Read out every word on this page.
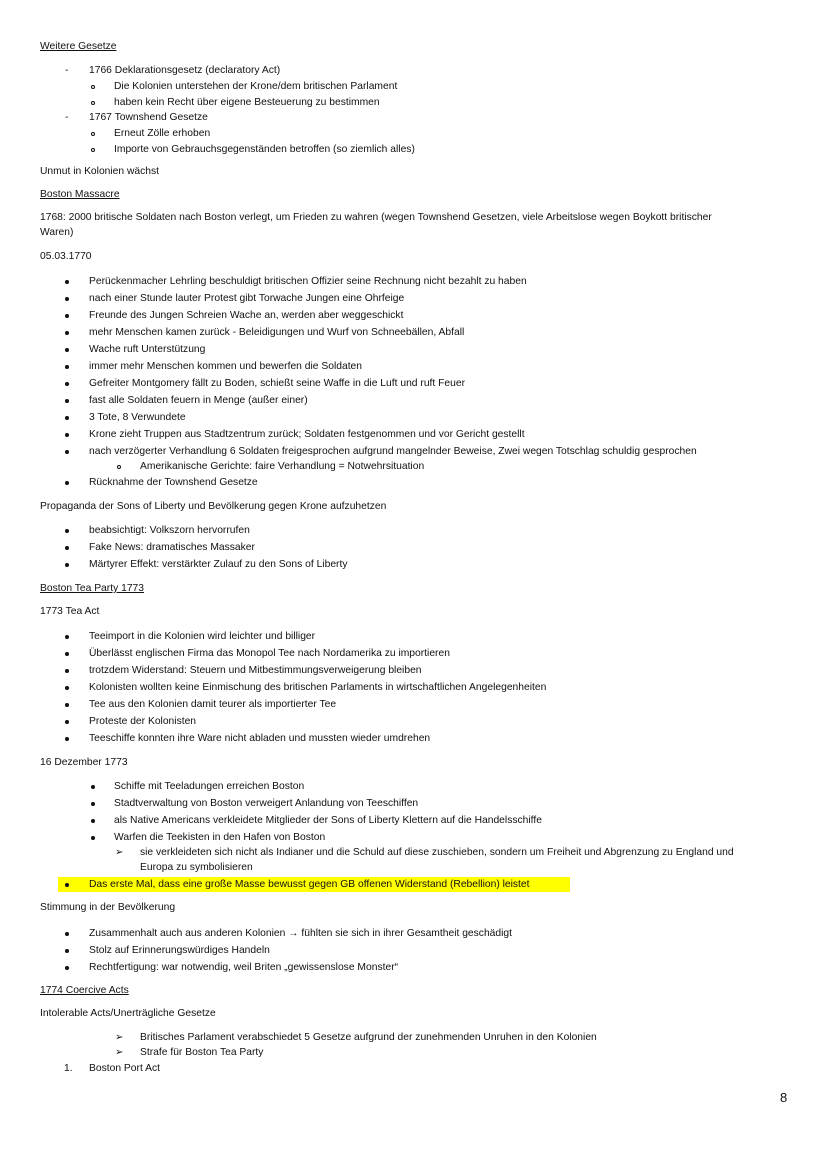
Weitere Gesetze
- 1766 Deklarationsgesetz (declaratory Act)
Die Kolonien unterstehen der Krone/dem britischen Parlament
haben kein Recht über eigene Besteuerung zu bestimmen
- 1767 Townshend Gesetze
Erneut Zölle erhoben
Importe von Gebrauchsgegenständen betroffen (so ziemlich alles)
Unmut in Kolonien wächst
Boston Massacre
1768: 2000 britische Soldaten nach Boston verlegt, um Frieden zu wahren (wegen Townshend Gesetzen, viele Arbeitslose wegen Boykott britischer
Waren)
05.03.1770
Perückenmacher Lehrling beschuldigt britischen Offizier seine Rechnung nicht bezahlt zu haben
nach einer Stunde lauter Protest gibt Torwache Jungen eine Ohrfeige
Freunde des Jungen Schreien Wache an, werden aber weggeschickt
mehr Menschen kamen zurück - Beleidigungen und Wurf von Schneebällen, Abfall
Wache ruft Unterstützung
immer mehr Menschen kommen und bewerfen die Soldaten
Gefreiter Montgomery fällt zu Boden, schießt seine Waffe in die Luft und ruft Feuer
fast alle Soldaten feuern in Menge (außer einer)
3 Tote, 8 Verwundete
Krone zieht Truppen aus Stadtzentrum zurück; Soldaten festgenommen und vor Gericht gestellt
nach verzögerter Verhandlung 6 Soldaten freigesprochen aufgrund mangelnder Beweise, Zwei wegen Totschlag schuldig gesprochen
Amerikanische Gerichte: faire Verhandlung = Notwehrsituation
Rücknahme der Townshend Gesetze
Propaganda der Sons of Liberty und Bevölkerung gegen Krone aufzuhetzen
beabsichtigt: Volkszorn hervorrufen
Fake News: dramatisches Massaker
Märtyrer Effekt: verstärkter Zulauf zu den Sons of Liberty
Boston Tea Party 1773
1773 Tea Act
Teeimport in die Kolonien wird leichter und billiger
Überlässt englischen Firma das Monopol Tee nach Nordamerika zu importieren
trotzdem Widerstand: Steuern und Mitbestimmungsverweigerung bleiben
Kolonisten wollten keine Einmischung des britischen Parlaments in wirtschaftlichen Angelegenheiten
Tee aus den Kolonien damit teurer als importierter Tee
Proteste der Kolonisten
Teeschiffe konnten ihre Ware nicht abladen und mussten wieder umdrehen
16 Dezember 1773
Schiffe mit Teeladungen erreichen Boston
Stadtverwaltung von Boston verweigert Anlandung von Teeschiffen
als Native Americans verkleidete Mitglieder der Sons of Liberty Klettern auf die Handelsschiffe
Warfen die Teekisten in den Hafen von Boston
➢ sie verkleideten sich nicht als Indianer und die Schuld auf diese zuschieben, sondern um Freiheit und Abgrenzung zu England und
Europa zu symbolisieren
Das erste Mal, dass eine große Masse bewusst gegen GB offenen Widerstand (Rebellion) leistet
Stimmung in der Bevölkerung
Zusammenhalt auch aus anderen Kolonien → fühlten sie sich in ihrer Gesamtheit geschädigt
Stolz auf Erinnerungswürdiges Handeln
Rechtfertigung: war notwendig, weil Briten „gewissenslose Monster“
1774 Coercive Acts
Intolerable Acts/Unerträgliche Gesetze
➢ Britisches Parlament verabschiedet 5 Gesetze aufgrund der zunehmenden Unruhen in den Kolonien
➢ Strafe für Boston Tea Party
1. Boston Port Act
8
